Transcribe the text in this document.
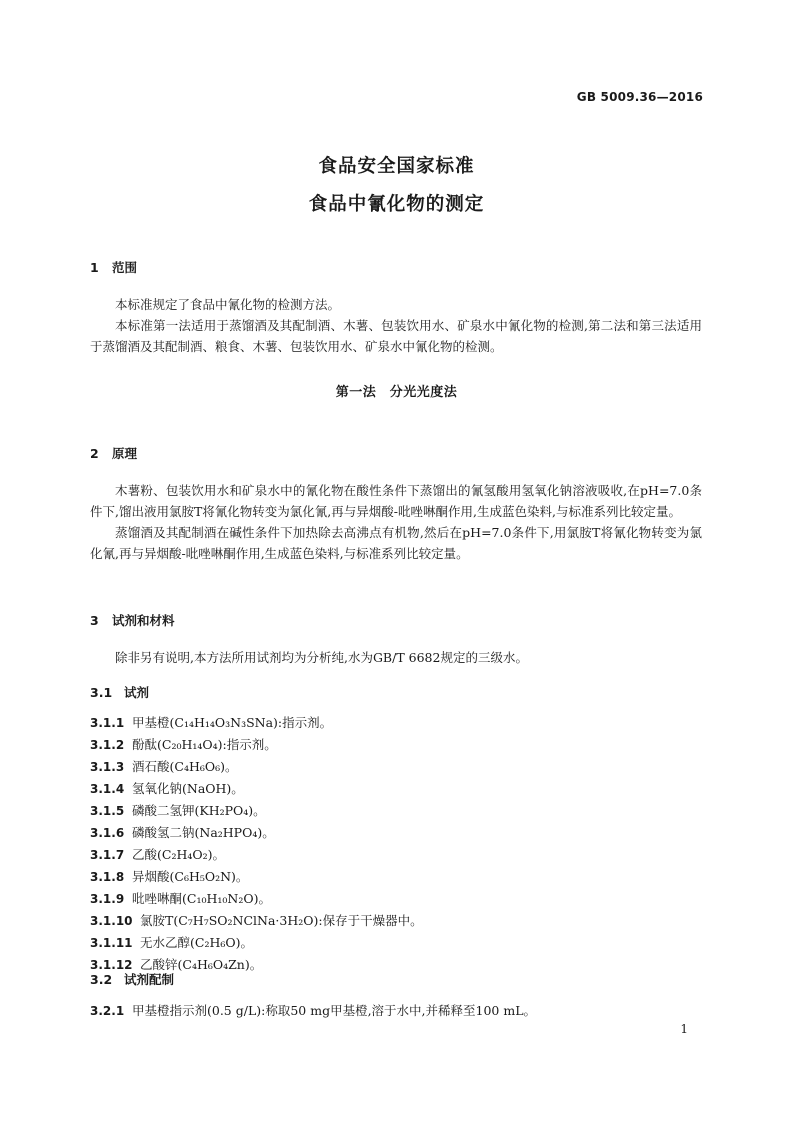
GB 5009.36—2016
食品安全国家标准
食品中氰化物的测定
1 范围

本标准规定了食品中氰化物的检测方法。

本标准第一法适用于蒸馏酒及其配制酒、木薯、包装饮用水、矿泉水中氰化物的检测,第二法和第三法适用于蒸馏酒及其配制酒、粮食、木薯、包装饮用水、矿泉水中氰化物的检测。

第一法　分光光度法
2 原理

木薯粉、包装饮用水和矿泉水中的氰化物在酸性条件下蒸馏出的氰氢酸用氢氧化钠溶液吸收,在pH=7.0条件下,馏出液用氯胺T将氰化物转变为氯化氰,再与异烟酸-吡唑啉酮作用,生成蓝色染料,与标准系列比较定量。

蒸馏酒及其配制酒在碱性条件下加热除去高沸点有机物,然后在pH=7.0条件下,用氯胺T将氰化物转变为氯化氰,再与异烟酸-吡唑啉酮作用,生成蓝色染料,与标准系列比较定量。

3 试剂和材料

除非另有说明,本方法所用试剂均为分析纯,水为GB/T 6682规定的三级水。

3.1 试剂
3.1.1 甲基橙(C₁₄H₁₄O₃N₃SNa):指示剂。
3.1.2 酚酞(C₂₀H₁₄O₄):指示剂。
3.1.3 酒石酸(C₄H₆O₆)。
3.1.4 氢氧化钠(NaOH)。
3.1.5 磷酸二氢钾(KH₂PO₄)。
3.1.6 磷酸氢二钠(Na₂HPO₄)。
3.1.7 乙酸(C₂H₄O₂)。
3.1.8 异烟酸(C₆H₅O₂N)。
3.1.9 吡唑啉酮(C₁₀H₁₀N₂O)。
3.1.10 氯胺T(C₇H₇SO₂NClNa·3H₂O):保存于干燥器中。
3.1.11 无水乙醇(C₂H₆O)。
3.1.12 乙酸锌(C₄H₆O₄Zn)。
3.2 试剂配制
3.2.1 甲基橙指示剂(0.5 g/L):称取50 mg甲基橙,溶于水中,并稀释至100 mL。
1
